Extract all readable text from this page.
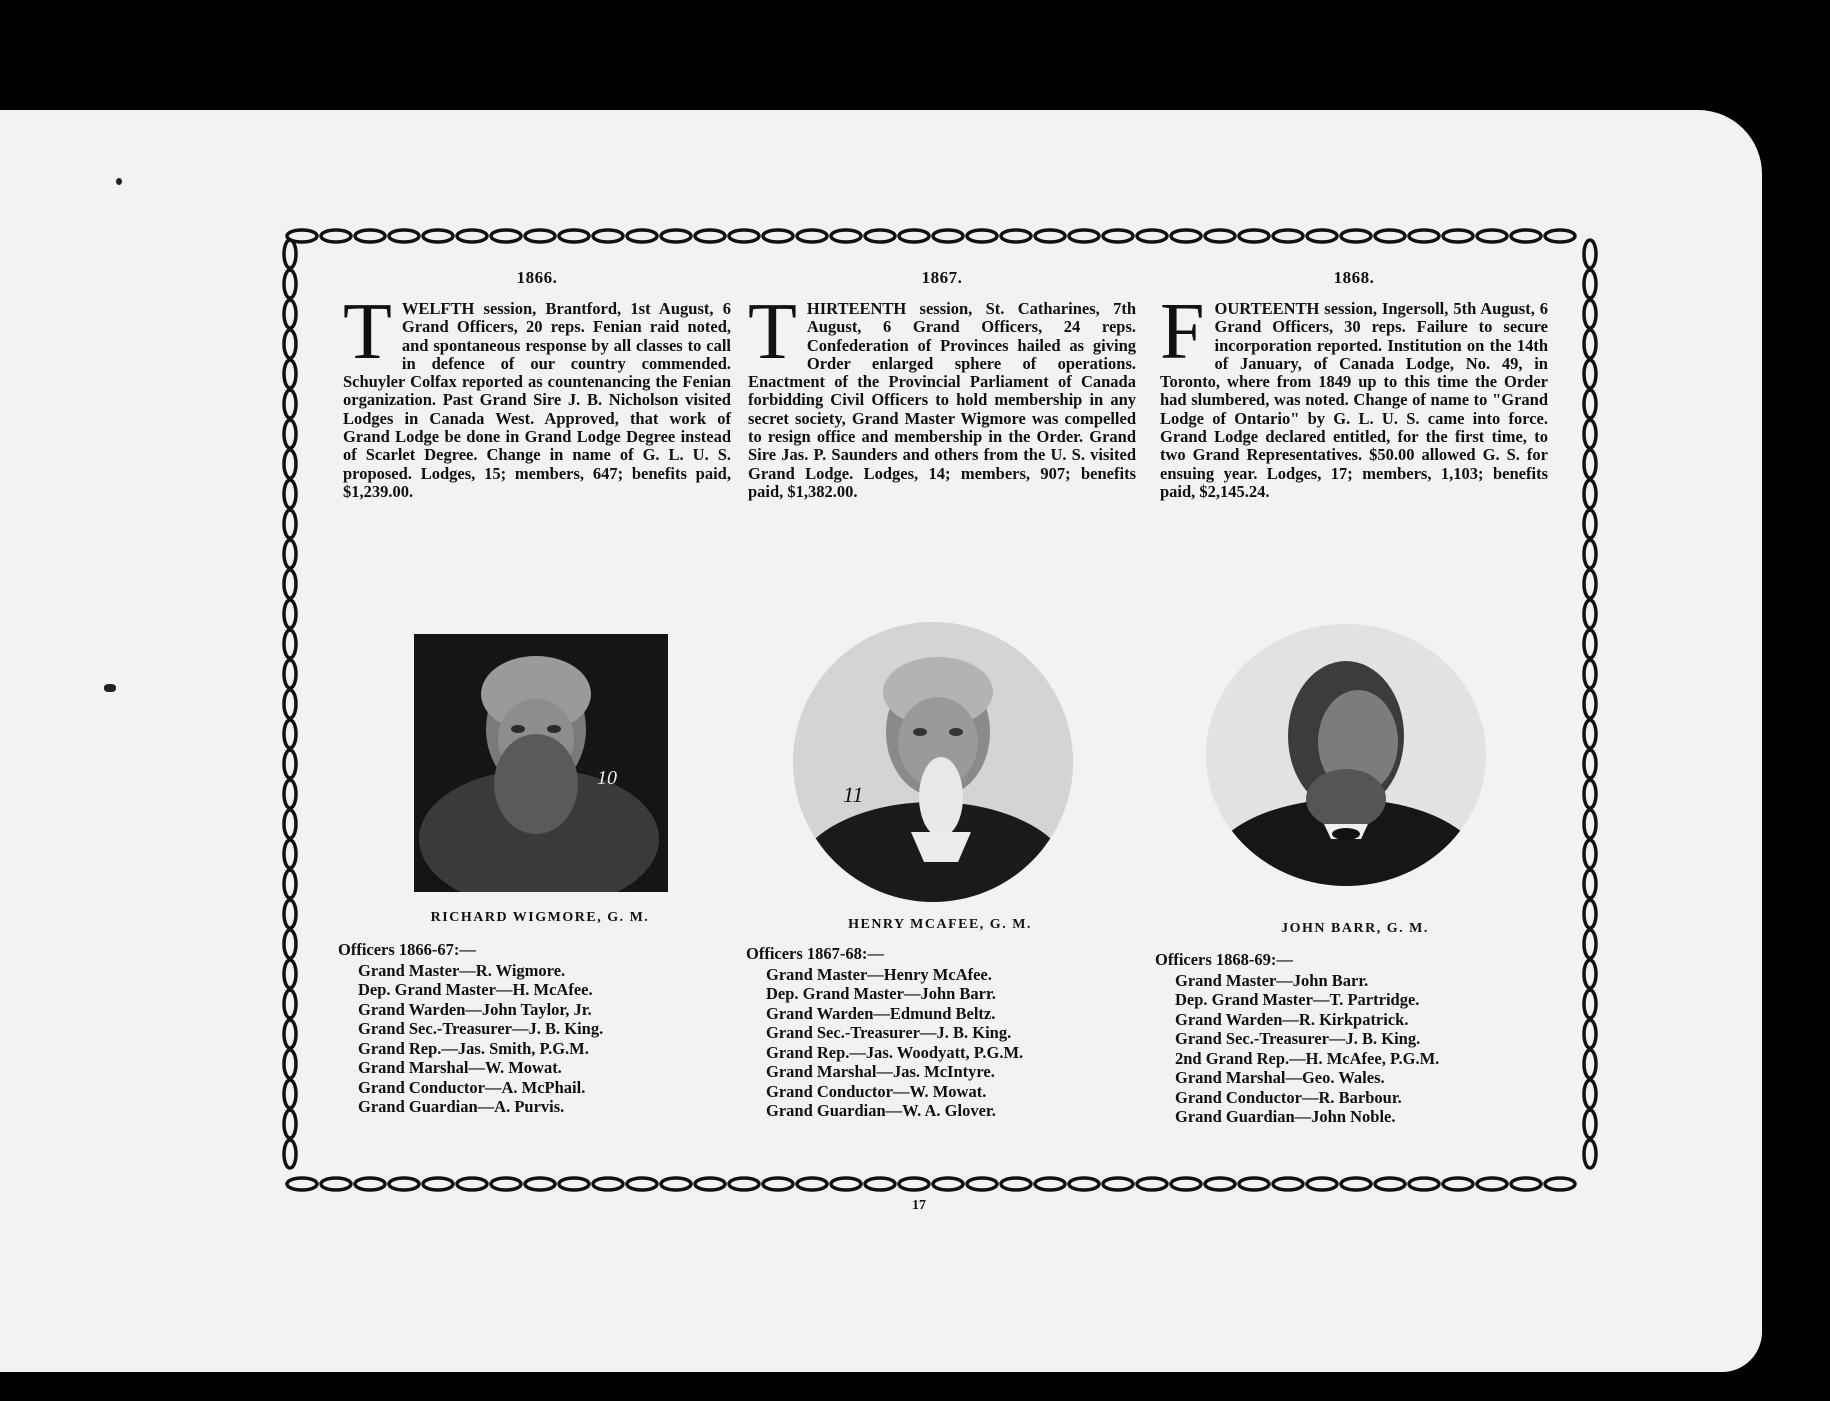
1866.

TWELFTH session, Brantford, 1st August, 6 Grand Officers, 20 reps. Fenian raid noted, and spontaneous response by all classes to call in defence of our country commended. Schuyler Colfax reported as countenancing the Fenian organization. Past Grand Sire J. B. Nicholson visited Lodges in Canada West. Approved, that work of Grand Lodge be done in Grand Lodge Degree instead of Scarlet Degree. Change in name of G. L. U. S. proposed. Lodges, 15; members, 647; benefits paid, $1,239.00.

1867.

THIRTEENTH session, St. Catharines, 7th August, 6 Grand Officers, 24 reps. Confederation of Provinces hailed as giving Order enlarged sphere of operations. Enactment of the Provincial Parliament of Canada forbidding Civil Officers to hold membership in any secret society, Grand Master Wigmore was compelled to resign office and membership in the Order. Grand Sire Jas. P. Saunders and others from the U. S. visited Grand Lodge. Lodges, 14; members, 907; benefits paid, $1,382.00.

1868.

FOURTEENTH session, Ingersoll, 5th August, 6 Grand Officers, 30 reps. Failure to secure incorporation reported. Institution on the 14th of January, of Canada Lodge, No. 49, in Toronto, where from 1849 up to this time the Order had slumbered, was noted. Change of name to "Grand Lodge of Ontario" by G. L. U. S. came into force. Grand Lodge declared entitled, for the first time, to two Grand Representatives. $50.00 allowed G. S. for ensuing year. Lodges, 17; members, 1,103; benefits paid, $2,145.24.

10
11
RICHARD WIGMORE, G. M.	HENRY MCAFEE, G. M.	JOHN BARR, G. M.
Officers 1866-67:—
Grand Master—R. Wigmore.
Dep. Grand Master—H. McAfee.
Grand Warden—John Taylor, Jr.
Grand Sec.-Treasurer—J. B. King.
Grand Rep.—Jas. Smith, P.G.M.
Grand Marshal—W. Mowat.
Grand Conductor—A. McPhail.
Grand Guardian—A. Purvis.
Officers 1867-68:—
Grand Master—Henry McAfee.
Dep. Grand Master—John Barr.
Grand Warden—Edmund Beltz.
Grand Sec.-Treasurer—J. B. King.
Grand Rep.—Jas. Woodyatt, P.G.M.
Grand Marshal—Jas. McIntyre.
Grand Conductor—W. Mowat.
Grand Guardian—W. A. Glover.
Officers 1868-69:—
Grand Master—John Barr.
Dep. Grand Master—T. Partridge.
Grand Warden—R. Kirkpatrick.
Grand Sec.-Treasurer—J. B. King.
2nd Grand Rep.—H. McAfee, P.G.M.
Grand Marshal—Geo. Wales.
Grand Conductor—R. Barbour.
Grand Guardian—John Noble.
17
